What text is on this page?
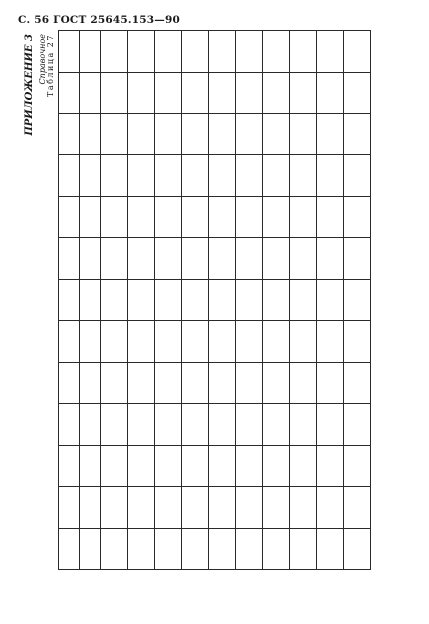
С. 56 ГОСТ 25645.153—90
ПРИЛОЖЕНИЕ 3 Справочное Таблица 27
